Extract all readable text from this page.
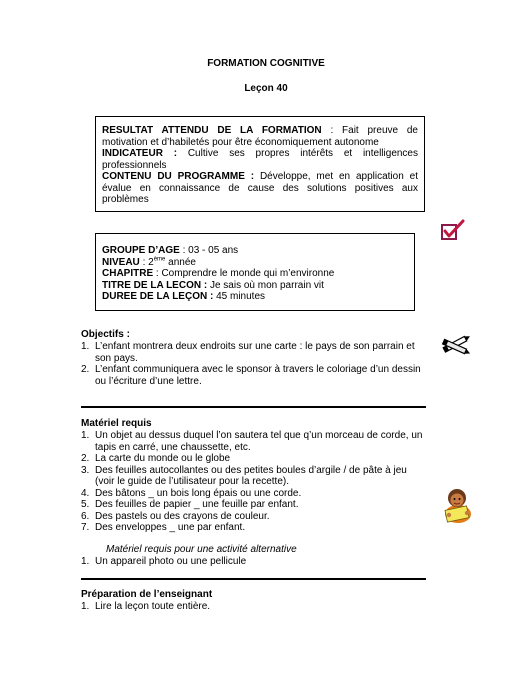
FORMATION COGNITIVE
Leçon 40

RESULTAT ATTENDU DE LA FORMATION : Fait preuve de motivation et d’habiletés pour être économiquement autonome

INDICATEUR : Cultive ses propres intérêts et intelligences professionnels

CONTENU DU PROGRAMME : Développe, met en application et évalue en connaissance de cause des solutions positives aux problèmes

GROUPE D’AGE : 03 - 05 ans

NIVEAU : 2ème année

CHAPITRE : Comprendre le monde qui m’environne

TITRE DE LA LECON : Je sais où mon parrain vit

DUREE DE LA LEÇON : 45 minutes

Objectifs :
1. L’enfant montrera deux endroits sur une carte : le pays de son parrain et son pays.
2. L’enfant communiquera avec le sponsor à travers le coloriage d’un dessin ou l’écriture d’une lettre.
Matériel requis
1. Un objet au dessus duquel l’on sautera tel que q’un morceau de corde, un tapis en carré, une chaussette, etc.
2. La carte du monde ou le globe
3. Des feuilles autocollantes ou des petites boules d’argile / de pâte à jeu (voir le guide de l’utilisateur pour la recette).
4. Des bâtons _ un bois long épais ou une corde.
5. Des feuilles de papier _ une feuille par enfant.
6. Des pastels ou des crayons de couleur.
7. Des enveloppes _ une par enfant.
Matériel requis pour une activité alternative
1. Un appareil photo ou une pellicule
Préparation de l’enseignant
1. Lire la leçon toute entière.
